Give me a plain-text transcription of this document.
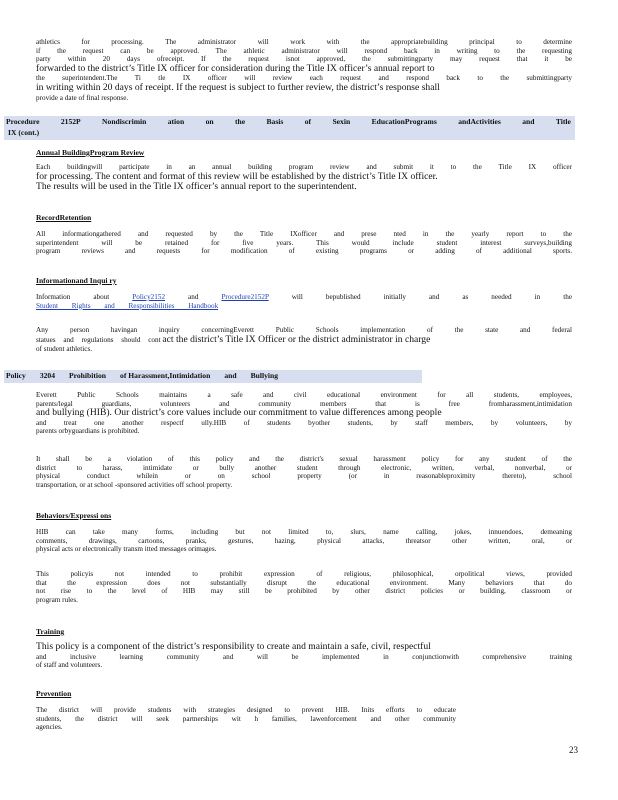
athletics for processing. The administrator will work with the appropriatebuilding principal to determine

if the request can be approved. The athletic administrator will respond back in writing to the requesting

party within 20 days ofreceipt. If the request isnot approved, the submittingparty may request that it be

forwarded to the district’s Title IX officer for consideration during the Title IX officer’s annual report to

the superintendent.The Ti tle IX officer will review each request and respond back to the submittingparty

in writing within 20 days of receipt. If the request is subject to further review, the district’s response shall

provide a date of final response.

Procedure	2152P	Nondiscrimin	ation	on	the	Basis	of	Sexin	EducationPrograms	andActivities	and	Title
IX (cont.)
Annual BuildingProgram Review

Each buildingwill participate in an annual building program review and submit it to the Title IX officer

for processing. The content and format of this review will be established by the district’s Title IX officer.

The results will be used in the Title IX officer’s annual report to the superintendent.

RecordRetention

All informationgathered and requested by the Title IXofficer and prese nted in the yearly report to the

superintendent will be retained for five years. This would include student interest surveys,building

program reviews and requests for modification of existing programs or adding of additional sports.

Informationand Inqui ry

Information about	Policy2152	and	Procedure2152P	will bepublished initially and as needed in the

Student Rights and Responsibilities Handbook

Any person havingan inquiry concerningEverett Public Schools implementation of the state and federal

statues and regulations should cont act the district’s Title IX Officer or the district administrator in charge

of student athletics.

Policy 3204 Prohibition of Harassment,Intimidation and Bullying

Everett Public Schools maintains a safe and civil educational environment for all students, employees,

parents/legal guardians, volunteers and community members that is free fromharassment,intimidation

and bullying (HIB). Our district’s core values include our commitment to value differences among people

and treat one another respectf ully.HIB of students byother students, by staff members, by volunteers, by

parents orbyguardians is prohibited.

It shall be a violation of this policy and the district's sexual harassment policy for any student of the

district to harass, intimidate or bully another student through electronic, written, verbal, nonverbal, or

physical conduct whilein or on school property (or in reasonableproximity thereto), school

transportation, or at school -sponsored activities off school property.

Behaviors/Expressi ons

HIB can take many forms, including but not limited to, slurs, name calling, jokes, innuendoes, demeaning

comments, drawings, cartoons, pranks, gestures, hazing, physical attacks, threatsor other written, oral, or

physical acts or electronically transm itted messages orimages.

This policyis not intended to prohibit expression of religious, philosophical, orpolitical views, provided

that the expression does not substantially disrupt the educational environment. Many behaviors that do

not rise to the level of HIB may still be prohibited by other district policies or building, classroom or

program rules.

Training

This policy is a component of the district’s responsibility to create and maintain a safe, civil, respectful

and inclusive learning community and will be implemented in conjunctionwith comprehensive training

of staff and volunteers.

Prevention

The district will provide students with strategies designed to prevent HIB. Inits efforts to educate

students, the district will seek partnerships wit h families, lawenforcement and other community

agencies.

23
